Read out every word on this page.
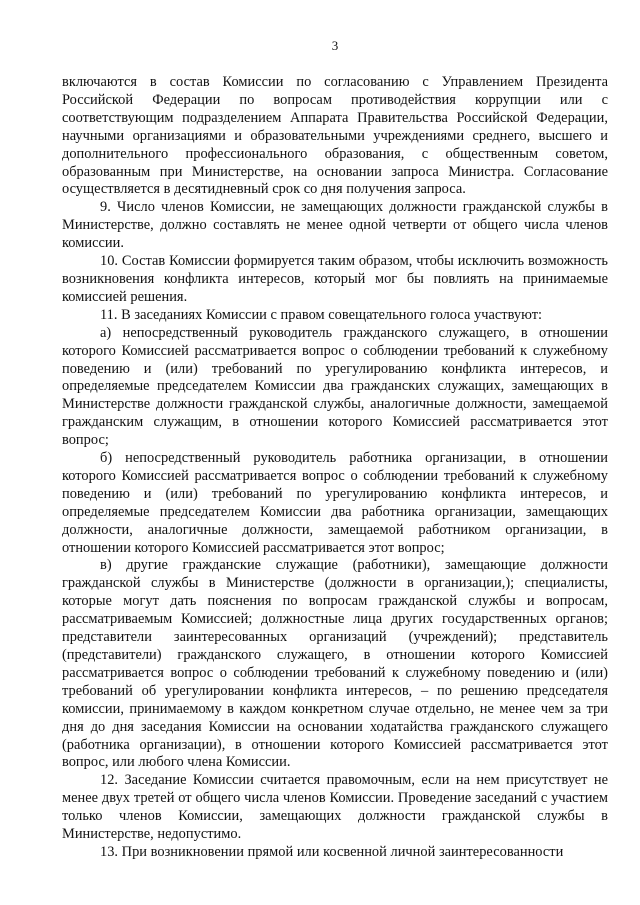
3

включаются в состав Комиссии по согласованию с Управлением Президента Российской Федерации по вопросам противодействия коррупции или с соответствующим подразделением Аппарата Правительства Российской Федерации, научными организациями и образовательными учреждениями среднего, высшего и дополнительного профессионального образования, с общественным советом, образованным при Министерстве, на основании запроса Министра. Согласование осуществляется в десятидневный срок со дня получения запроса.

9. Число членов Комиссии, не замещающих должности гражданской службы в Министерстве, должно составлять не менее одной четверти от общего числа членов комиссии.

10. Состав Комиссии формируется таким образом, чтобы исключить возможность возникновения конфликта интересов, который мог бы повлиять на принимаемые комиссией решения.

11. В заседаниях Комиссии с правом совещательного голоса участвуют:

а) непосредственный руководитель гражданского служащего, в отношении которого Комиссией рассматривается вопрос о соблюдении требований к служебному поведению и (или) требований по урегулированию конфликта интересов, и определяемые председателем Комиссии два гражданских служащих, замещающих в Министерстве должности гражданской службы, аналогичные должности, замещаемой гражданским служащим, в отношении которого Комиссией рассматривается этот вопрос;

б) непосредственный руководитель работника организации, в отношении которого Комиссией рассматривается вопрос о соблюдении требований к служебному поведению и (или) требований по урегулированию конфликта интересов, и определяемые председателем Комиссии два работника организации, замещающих должности, аналогичные должности, замещаемой работником организации, в отношении которого Комиссией рассматривается этот вопрос;

в) другие гражданские служащие (работники), замещающие должности гражданской службы в Министерстве (должности в организации,); специалисты, которые могут дать пояснения по вопросам гражданской службы и вопросам, рассматриваемым Комиссией; должностные лица других государственных органов; представители заинтересованных организаций (учреждений); представитель (представители) гражданского служащего, в отношении которого Комиссией рассматривается вопрос о соблюдении требований к служебному поведению и (или) требований об урегулировании конфликта интересов, – по решению председателя комиссии, принимаемому в каждом конкретном случае отдельно, не менее чем за три дня до дня заседания Комиссии на основании ходатайства гражданского служащего (работника организации), в отношении которого Комиссией рассматривается этот вопрос, или любого члена Комиссии.

12. Заседание Комиссии считается правомочным, если на нем присутствует не менее двух третей от общего числа членов Комиссии. Проведение заседаний с участием только членов Комиссии, замещающих должности гражданской службы в Министерстве, недопустимо.

13. При возникновении прямой или косвенной личной заинтересованности
